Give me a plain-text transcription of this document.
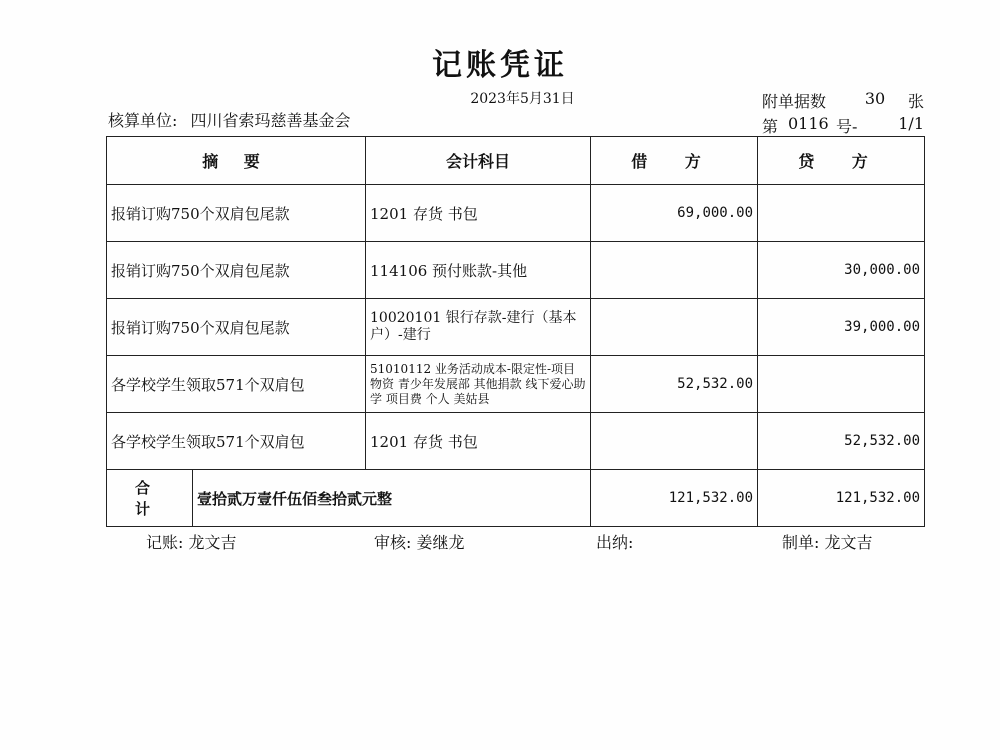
记账凭证
2023年5月31日
核算单位: 四川省索玛慈善基金会
附单据数	30	张
第 0116 号-	1/1
摘 要		会计科目	借 方	贷 方
报销订购750个双肩包尾款		1201 存货 书包	69,000.00	
报销订购750个双肩包尾款		114106 预付账款-其他		30,000.00
报销订购750个双肩包尾款		10020101 银行存款-建行（基本户）-建行		39,000.00
各学校学生领取571个双肩包		51010112 业务活动成本-限定性-项目物资 青少年发展部 其他捐款 线下爱心助学 项目费 个人 美姑县	52,532.00	
各学校学生领取571个双肩包		1201 存货 书包		52,532.00
合 计	壹拾贰万壹仟伍佰叁拾贰元整		121,532.00	121,532.00
记账: 龙文吉	审核: 姜继龙	出纳:	制单: 龙文吉
